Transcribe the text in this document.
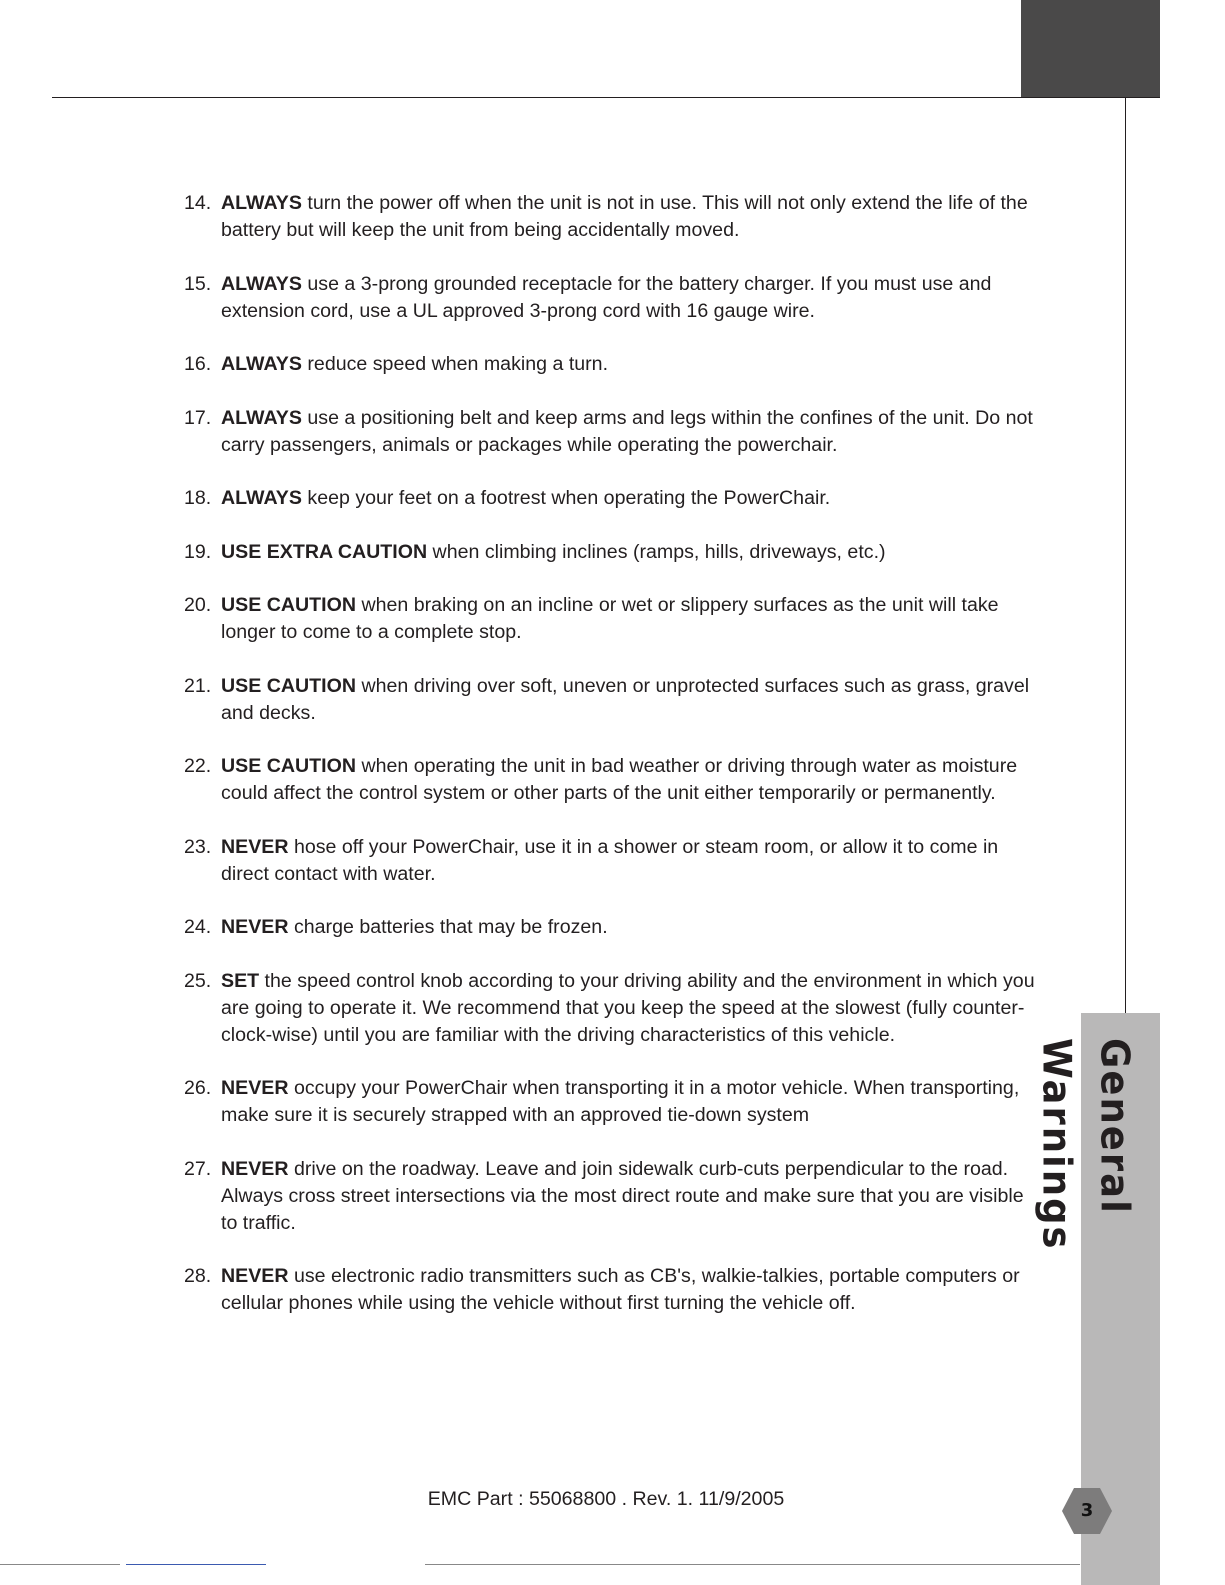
General Warnings
3
14. ALWAYS turn the power off when the unit is not in use. This will not only extend the life of the battery but will keep the unit from being accidentally moved.
15. ALWAYS use a 3-prong grounded receptacle for the battery charger. If you must use and extension cord, use a UL approved 3-prong cord with 16 gauge wire.
16. ALWAYS reduce speed when making a turn.
17. ALWAYS use a positioning belt and keep arms and legs within the confines of the unit. Do not carry passengers, animals or packages while operating the powerchair.
18. ALWAYS keep your feet on a footrest when operating the PowerChair.
19. USE EXTRA CAUTION when climbing inclines (ramps, hills, driveways, etc.)
20. USE CAUTION when braking on an incline or wet or slippery surfaces as the unit will take longer to come to a complete stop.
21. USE CAUTION when driving over soft, uneven or unprotected surfaces such as grass, gravel and decks.
22. USE CAUTION when operating the unit in bad weather or driving through water as moisture could affect the control system or other parts of the unit either temporarily or permanently.
23. NEVER hose off your PowerChair, use it in a shower or steam room, or allow it to come in direct contact with water.
24. NEVER charge batteries that may be frozen.
25. SET the speed control knob according to your driving ability and the environment in which you are going to operate it. We recommend that you keep the speed at the slowest (fully counter-clock-wise) until you are familiar with the driving characteristics of this vehicle.
26. NEVER occupy your PowerChair when transporting it in a motor vehicle. When transporting, make sure it is securely strapped with an approved tie-down system
27. NEVER drive on the roadway. Leave and join sidewalk curb-cuts perpendicular to the road. Always cross street intersections via the most direct route and make sure that you are visible to traffic.
28. NEVER use electronic radio transmitters such as CB's, walkie-talkies, portable computers or cellular phones while using the vehicle without first turning the vehicle off.
EMC Part : 55068800 . Rev. 1. 11/9/2005
